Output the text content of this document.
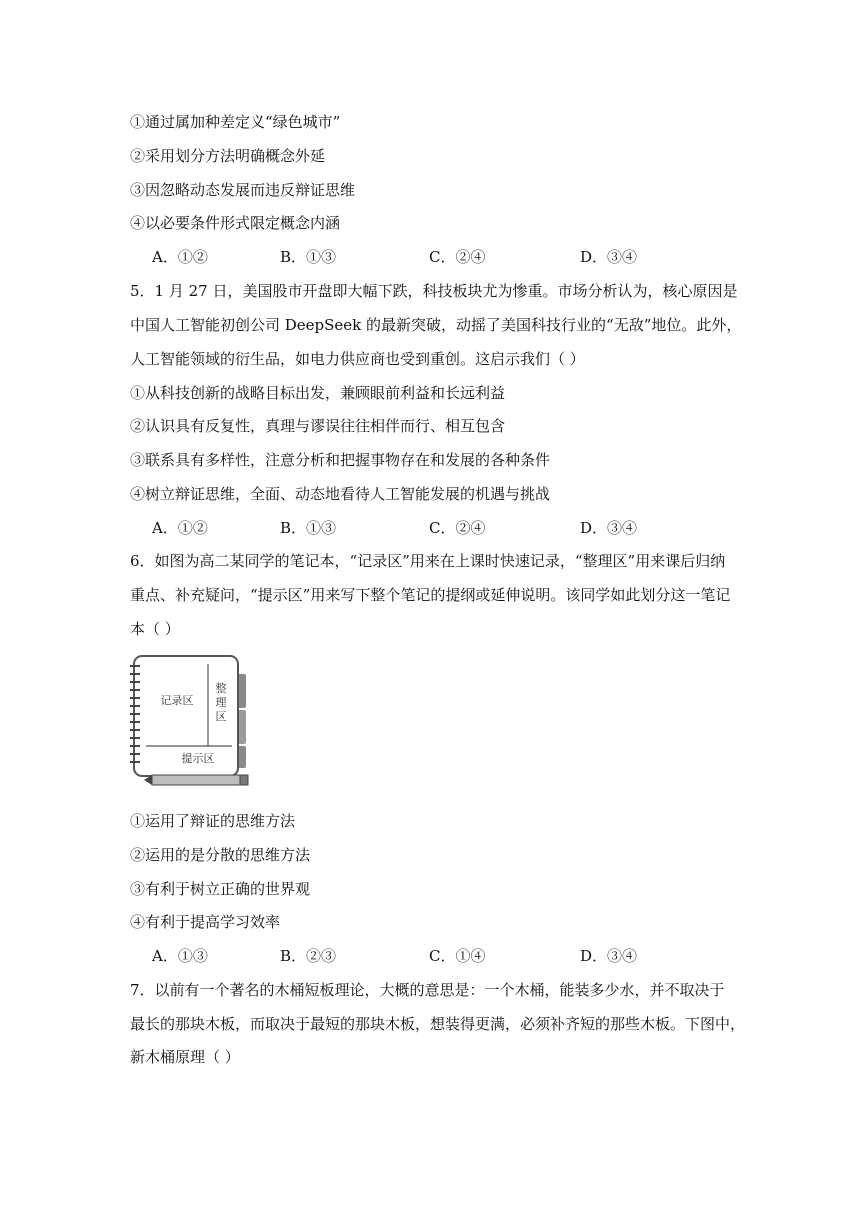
①通过属加种差定义“绿色城市”
②采用划分方法明确概念外延
③因忽略动态发展而违反辩证思维
④以必要条件形式限定概念内涵
A．①②	B．①③	C．②④	D．③④
5．1 月 27 日，美国股市开盘即大幅下跌，科技板块尤为惨重。市场分析认为，核心原因是
中国人工智能初创公司 DeepSeek 的最新突破，动摇了美国科技行业的“无敌”地位。此外，
人工智能领域的衍生品，如电力供应商也受到重创。这启示我们（ ）
①从科技创新的战略目标出发，兼顾眼前利益和长远利益
②认识具有反复性，真理与谬误往往相伴而行、相互包含
③联系具有多样性，注意分析和把握事物存在和发展的各种条件
④树立辩证思维，全面、动态地看待人工智能发展的机遇与挑战
A．①②	B．①③	C．②④	D．③④
6．如图为高二某同学的笔记本，“记录区”用来在上课时快速记录，“整理区”用来课后归纳
重点、补充疑问，“提示区”用来写下整个笔记的提纲或延伸说明。该同学如此划分这一笔记
本（ ）
记录区
整
理
区
提示区
①运用了辩证的思维方法
②运用的是分散的思维方法
③有利于树立正确的世界观
④有利于提高学习效率
A．①③	B．②③	C．①④	D．③④
7．以前有一个著名的木桶短板理论，大概的意思是：一个木桶，能装多少水，并不取决于
最长的那块木板，而取决于最短的那块木板，想装得更满，必须补齐短的那些木板。下图中，
新木桶原理（ ）
